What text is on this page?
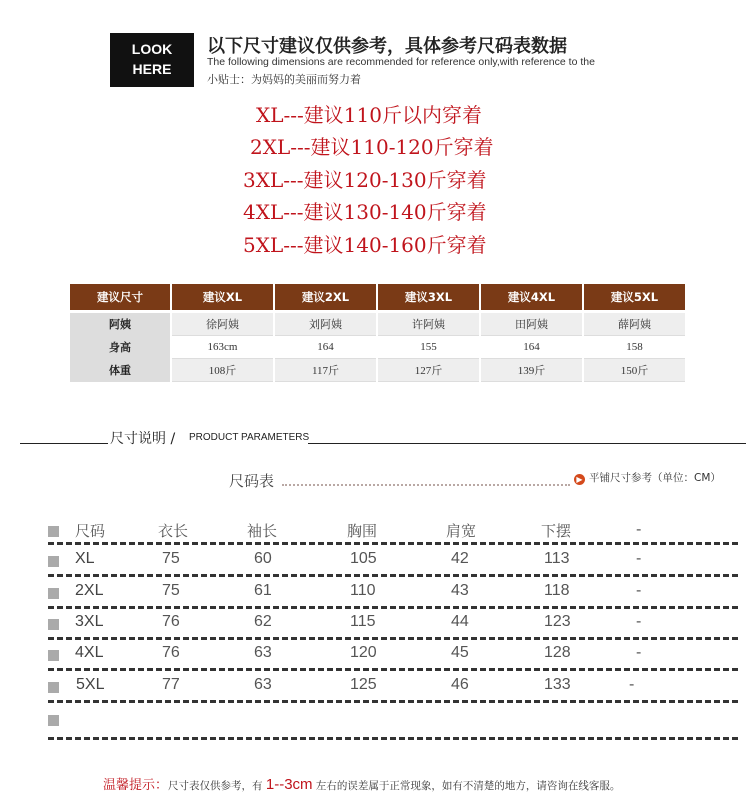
LOOK
HERE
以下尺寸建议仅供参考，具体参考尺码表数据
The following dimensions are recommended for reference only,with reference to the
小贴士：为妈妈的美丽而努力着
XL---建议110斤以内穿着
2XL---建议110-120斤穿着
3XL---建议120-130斤穿着
4XL---建议130-140斤穿着
5XL---建议140-160斤穿着
建议尺寸	建议XL	建议2XL	建议3XL	建议4XL	建议5XL
阿姨	徐阿姨	刘阿姨	许阿姨	田阿姨	薛阿姨
身高	163cm	164	155	164	158
体重	108斤	117斤	127斤	139斤	150斤
尺寸说明 / PRODUCT PARAMETERS
尺码表	▶ 平铺尺寸参考（单位：CM）
尺码	衣长	袖长	胸围	肩宽	下摆	-
XL	75	60	105	42	113	-
2XL	75	61	110	43	118	-
3XL	76	62	115	44	123	-
4XL	76	63	120	45	128	-
5XL	77	63	125	46	133	-
温馨提示：尺寸表仅供参考，有 1--3cm 左右的误差属于正常现象，如有不清楚的地方，请咨询在线客服。
